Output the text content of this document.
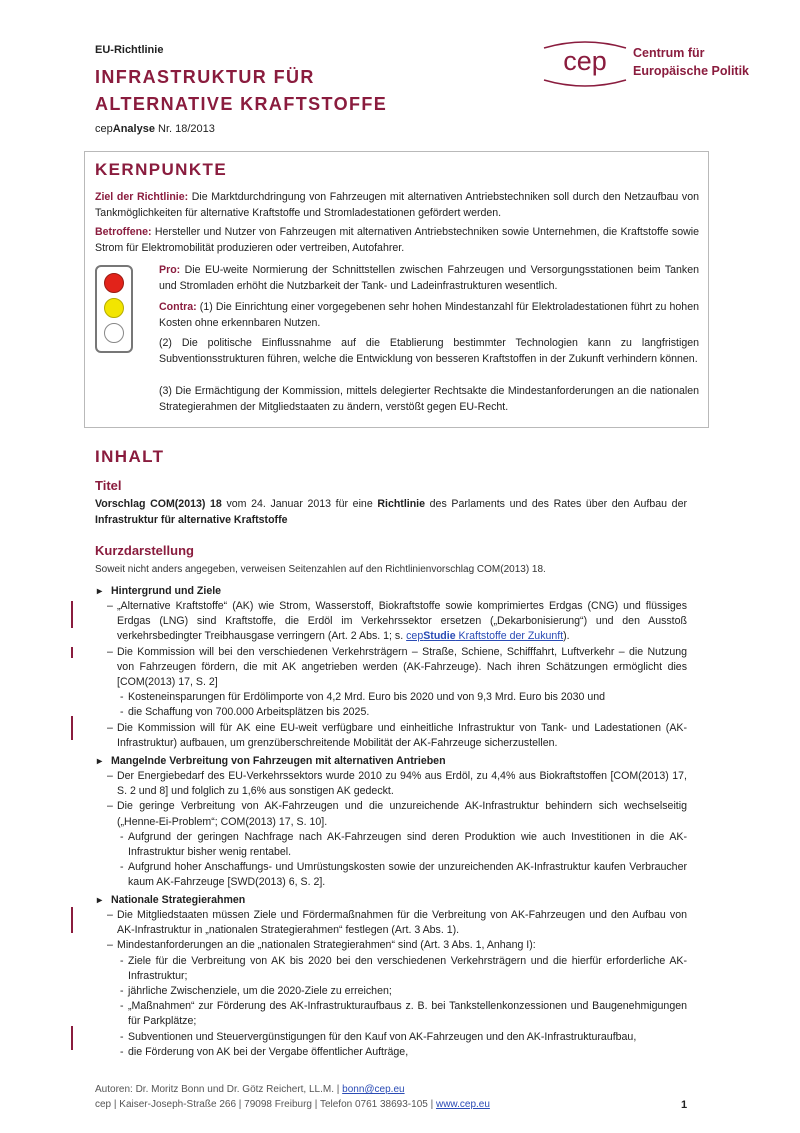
EU-Richtlinie
INFRASTRUKTUR FÜR
ALTERNATIVE KRAFTSTOFFE
cepAnalyse Nr. 18/2013
cep Centrum für
Europäische Politik
KERNPUNKTE
Ziel der Richtlinie: Die Marktdurchdringung von Fahrzeugen mit alternativen Antriebstechniken soll durch den Netzaufbau von Tankmöglichkeiten für alternative Kraftstoffe und Stromladestationen gefördert werden.
Betroffene: Hersteller und Nutzer von Fahrzeugen mit alternativen Antriebstechniken sowie Unternehmen, die Kraftstoffe sowie Strom für Elektromobilität produzieren oder vertreiben, Autofahrer.
Pro: Die EU-weite Normierung der Schnittstellen zwischen Fahrzeugen und Versorgungsstationen beim Tanken und Stromladen erhöht die Nutzbarkeit der Tank- und Ladeinfrastrukturen wesentlich.
Contra: (1) Die Einrichtung einer vorgegebenen sehr hohen Mindestanzahl für Elektroladestationen führt zu hohen Kosten ohne erkennbaren Nutzen.
(2) Die politische Einflussnahme auf die Etablierung bestimmter Technologien kann zu langfristigen Subventionsstrukturen führen, welche die Entwicklung von besseren Kraftstoffen in der Zukunft verhindern können.
(3) Die Ermächtigung der Kommission, mittels delegierter Rechtsakte die Mindestanforderungen an die nationalen Strategierahmen der Mitgliedstaaten zu ändern, verstößt gegen EU-Recht.
INHALT
Titel
Vorschlag COM(2013) 18 vom 24. Januar 2013 für eine Richtlinie des Parlaments und des Rates über den Aufbau der Infrastruktur für alternative Kraftstoffe
Kurzdarstellung
Soweit nicht anders angegeben, verweisen Seitenzahlen auf den Richtlinienvorschlag COM(2013) 18.
▸ Hintergrund und Ziele
– „Alternative Kraftstoffe“ (AK) wie Strom, Wasserstoff, Biokraftstoffe sowie komprimiertes Erdgas (CNG) und flüssiges Erdgas (LNG) sind Kraftstoffe, die Erdöl im Verkehrssektor ersetzen („Dekarbonisierung“) und den Ausstoß verkehrsbedingter Treibhausgase verringern (Art. 2 Abs. 1; s. cepStudie Kraftstoffe der Zukunft).
– Die Kommission will bei den verschiedenen Verkehrsträgern – Straße, Schiene, Schifffahrt, Luftverkehr – die Nutzung von Fahrzeugen fördern, die mit AK angetrieben werden (AK-Fahrzeuge). Nach ihren Schätzungen ermöglicht dies [COM(2013) 17, S. 2]
- Kosteneinsparungen für Erdölimporte von 4,2 Mrd. Euro bis 2020 und von 9,3 Mrd. Euro bis 2030 und
- die Schaffung von 700.000 Arbeitsplätzen bis 2025.
– Die Kommission will für AK eine EU-weit verfügbare und einheitliche Infrastruktur von Tank- und Ladestationen (AK-Infrastruktur) aufbauen, um grenzüberschreitende Mobilität der AK-Fahrzeuge sicherzustellen.
▸ Mangelnde Verbreitung von Fahrzeugen mit alternativen Antrieben
– Der Energiebedarf des EU-Verkehrssektors wurde 2010 zu 94% aus Erdöl, zu 4,4% aus Biokraftstoffen [COM(2013) 17, S. 2 und 8] und folglich zu 1,6% aus sonstigen AK gedeckt.
– Die geringe Verbreitung von AK-Fahrzeugen und die unzureichende AK-Infrastruktur behindern sich wechselseitig („Henne-Ei-Problem“; COM(2013) 17, S. 10].
- Aufgrund der geringen Nachfrage nach AK-Fahrzeugen sind deren Produktion wie auch Investitionen in die AK-Infrastruktur bisher wenig rentabel.
- Aufgrund hoher Anschaffungs- und Umrüstungskosten sowie der unzureichenden AK-Infrastruktur kaufen Verbraucher kaum AK-Fahrzeuge [SWD(2013) 6, S. 2].
▸ Nationale Strategierahmen
– Die Mitgliedstaaten müssen Ziele und Fördermaßnahmen für die Verbreitung von AK-Fahrzeugen und den Aufbau von AK-Infrastruktur in „nationalen Strategierahmen“ festlegen (Art. 3 Abs. 1).
– Mindestanforderungen an die „nationalen Strategierahmen“ sind (Art. 3 Abs. 1, Anhang I):
- Ziele für die Verbreitung von AK bis 2020 bei den verschiedenen Verkehrsträgern und die hierfür erforderliche AK-Infrastruktur;
- jährliche Zwischenziele, um die 2020-Ziele zu erreichen;
- „Maßnahmen“ zur Förderung des AK-Infrastrukturaufbaus z. B. bei Tankstellenkonzessionen und Baugenehmigungen für Parkplätze;
- Subventionen und Steuervergünstigungen für den Kauf von AK-Fahrzeugen und den AK-Infrastrukturaufbau,
- die Förderung von AK bei der Vergabe öffentlicher Aufträge,
Autoren: Dr. Moritz Bonn und Dr. Götz Reichert, LL.M. | bonn@cep.eu
cep | Kaiser-Joseph-Straße 266 | 79098 Freiburg | Telefon 0761 38693-105 | www.cep.eu	1
